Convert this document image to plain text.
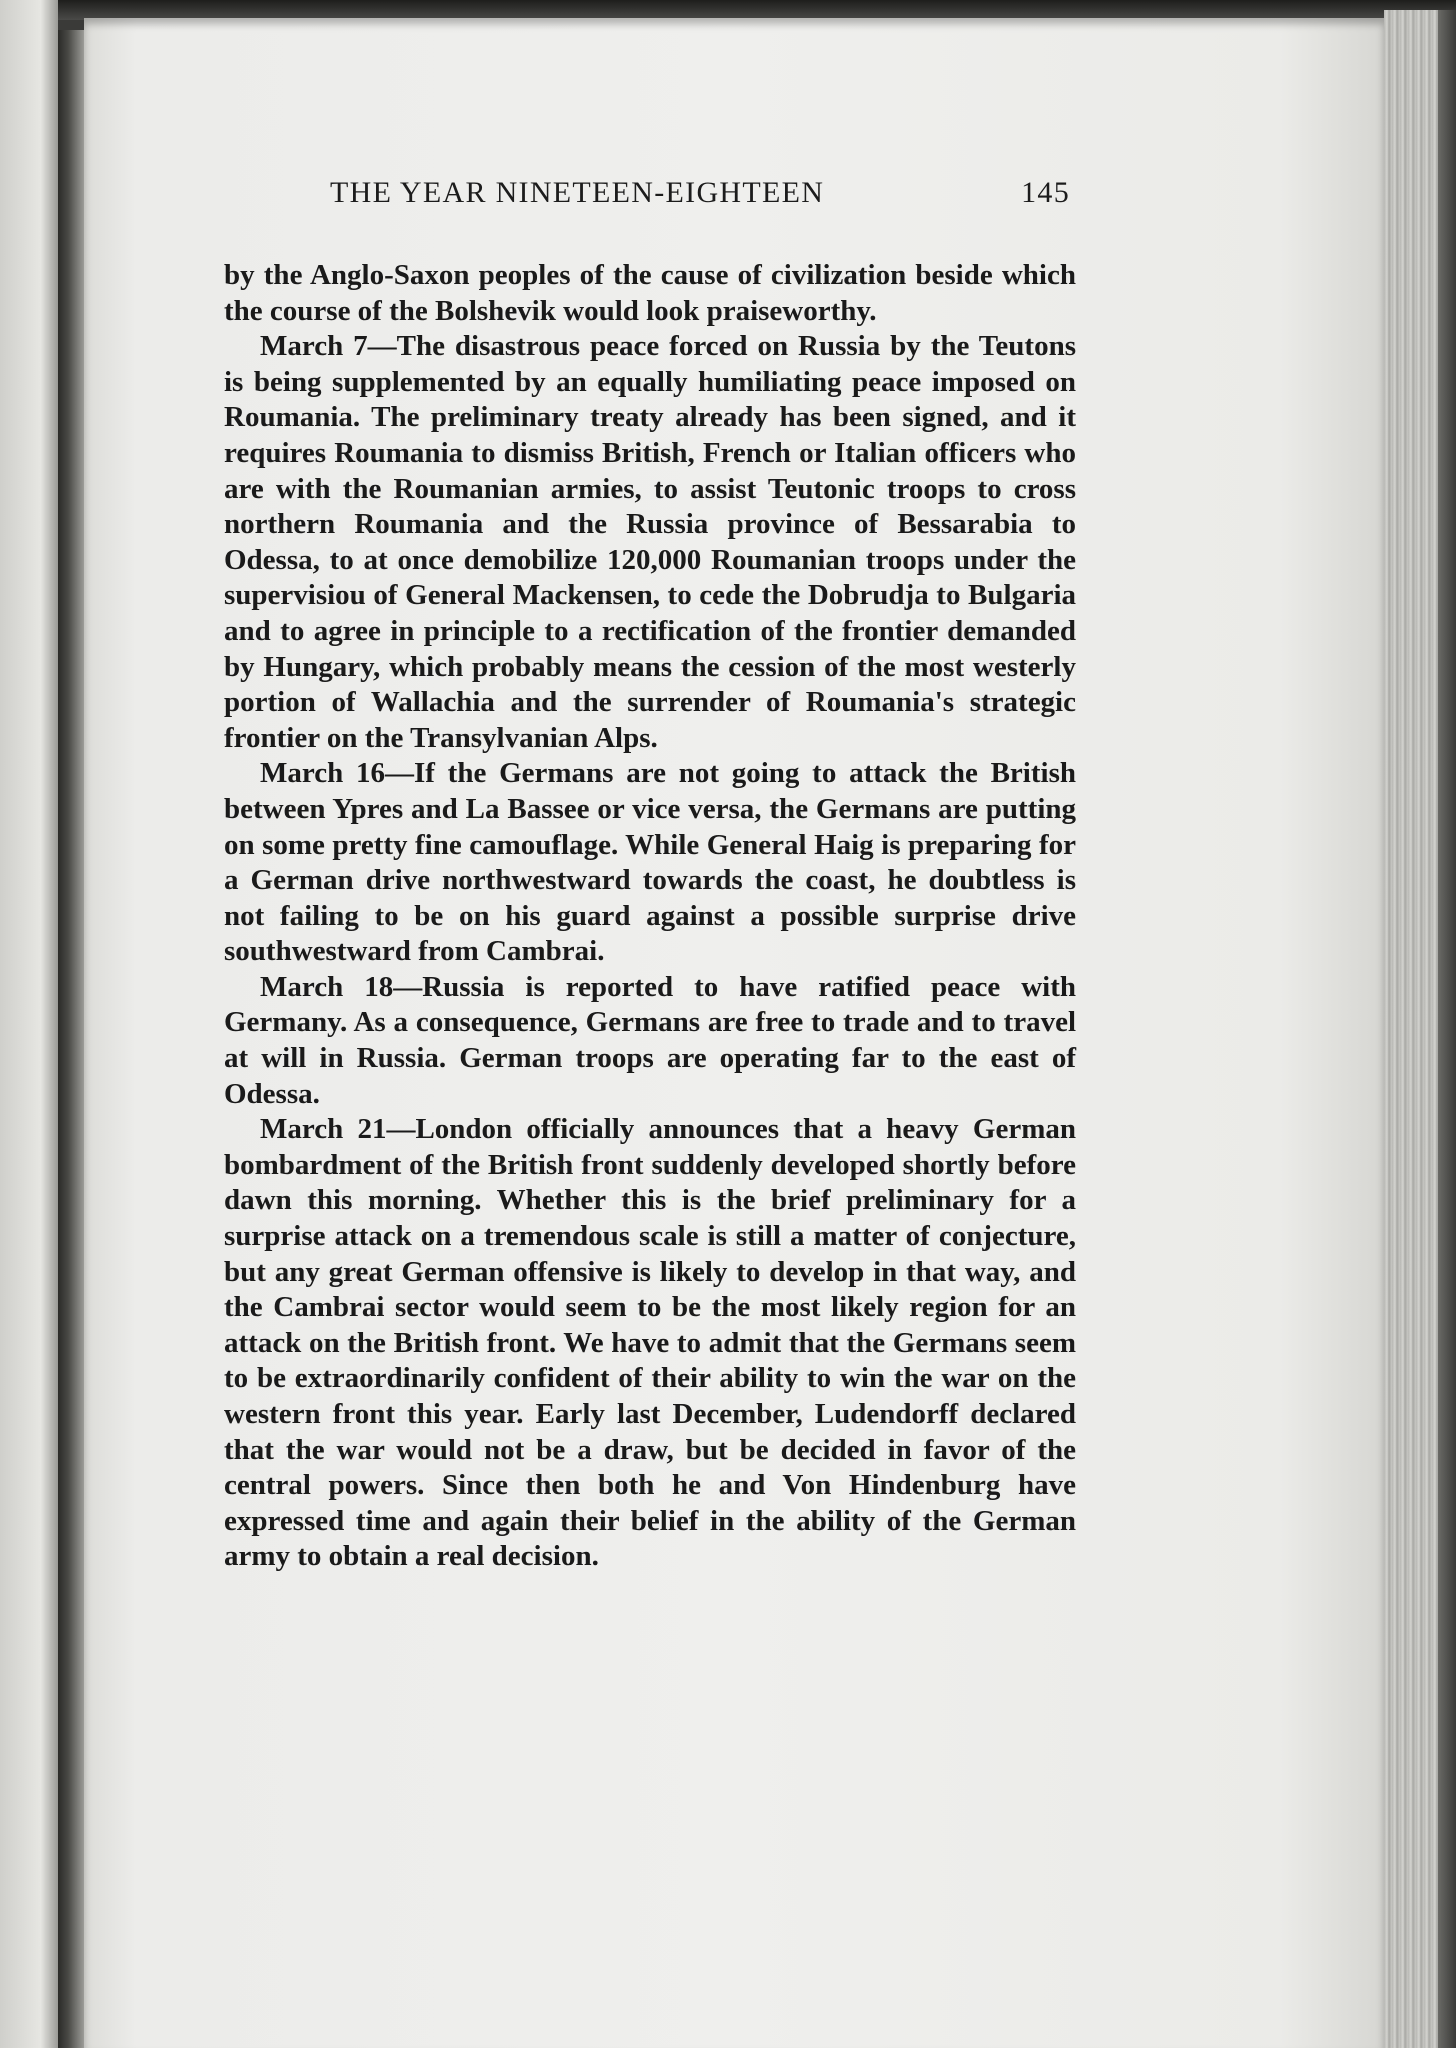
THE YEAR NINETEEN-EIGHTEEN	145

by the Anglo-Saxon peoples of the cause of civilization beside which the course of the Bolshevik would look praiseworthy.

March 7—The disastrous peace forced on Russia by the Teutons is being supplemented by an equally humiliating peace imposed on Roumania. The preliminary treaty already has been signed, and it requires Roumania to dismiss British, French or Italian officers who are with the Roumanian armies, to assist Teutonic troops to cross northern Roumania and the Russia province of Bessarabia to Odessa, to at once demobilize 120,000 Roumanian troops under the supervisiou of General Mackensen, to cede the Dobrudja to Bulgaria and to agree in principle to a rectification of the frontier demanded by Hungary, which probably means the cession of the most westerly portion of Wallachia and the surrender of Roumania's strategic frontier on the Transylvanian Alps.

March 16—If the Germans are not going to attack the British between Ypres and La Bassee or vice versa, the Germans are putting on some pretty fine camouflage. While General Haig is preparing for a German drive northwestward towards the coast, he doubtless is not failing to be on his guard against a possible surprise drive southwestward from Cambrai.

March 18—Russia is reported to have ratified peace with Germany. As a consequence, Germans are free to trade and to travel at will in Russia. German troops are operating far to the east of Odessa.

March 21—London officially announces that a heavy German bombardment of the British front suddenly developed shortly before dawn this morning. Whether this is the brief preliminary for a surprise attack on a tremendous scale is still a matter of conjecture, but any great German offensive is likely to develop in that way, and the Cambrai sector would seem to be the most likely region for an attack on the British front. We have to admit that the Germans seem to be extraordinarily confident of their ability to win the war on the western front this year. Early last December, Ludendorff declared that the war would not be a draw, but be decided in favor of the central powers. Since then both he and Von Hindenburg have expressed time and again their belief in the ability of the German army to obtain a real decision.
